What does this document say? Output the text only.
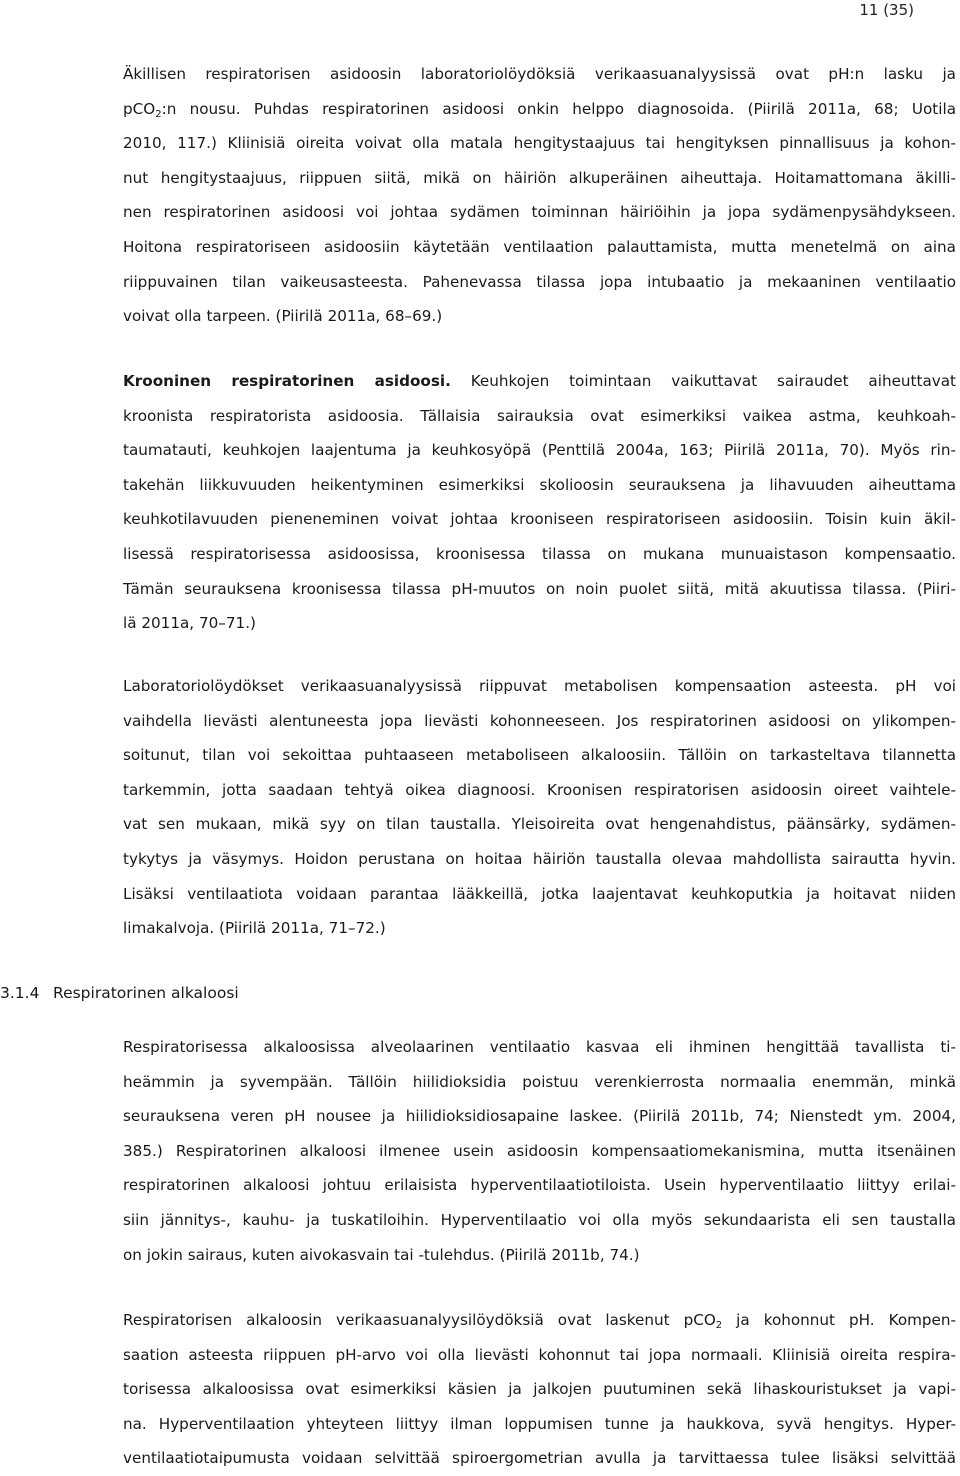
11 (35)
Äkillisen respiratorisen asidoosin laboratoriolöydöksiä verikaasuanalyysissä ovat pH:n lasku ja
pCO$_2$:n nousu. Puhdas respiratorinen asidoosi onkin helppo diagnosoida. (Piirilä 2011a, 68; Uotila
2010, 117.) Kliinisiä oireita voivat olla matala hengitystaajuus tai hengityksen pinnallisuus ja kohon-
nut hengitystaajuus, riippuen siitä, mikä on häiriön alkuperäinen aiheuttaja. Hoitamattomana äkilli-
nen respiratorinen asidoosi voi johtaa sydämen toiminnan häiriöihin ja jopa sydämenpysähdykseen.
Hoitona respiratoriseen asidoosiin käytetään ventilaation palauttamista, mutta menetelmä on aina
riippuvainen tilan vaikeusasteesta. Pahenevassa tilassa jopa intubaatio ja mekaaninen ventilaatio
voivat olla tarpeen. (Piirilä 2011a, 68–69.)
Krooninen respiratorinen asidoosi. Keuhkojen toimintaan vaikuttavat sairaudet aiheuttavat
kroonista respiratorista asidoosia. Tällaisia sairauksia ovat esimerkiksi vaikea astma, keuhkoah-
taumatauti, keuhkojen laajentuma ja keuhkosyöpä (Penttilä 2004a, 163; Piirilä 2011a, 70). Myös rin-
takehän liikkuvuuden heikentyminen esimerkiksi skolioosin seurauksena ja lihavuuden aiheuttama
keuhkotilavuuden pieneneminen voivat johtaa krooniseen respiratoriseen asidoosiin. Toisin kuin äkil-
lisessä respiratorisessa asidoosissa, kroonisessa tilassa on mukana munuaistason kompensaatio.
Tämän seurauksena kroonisessa tilassa pH-muutos on noin puolet siitä, mitä akuutissa tilassa. (Piiri-
lä 2011a, 70–71.)
Laboratoriolöydökset verikaasuanalyysissä riippuvat metabolisen kompensaation asteesta. pH voi
vaihdella lievästi alentuneesta jopa lievästi kohonneeseen. Jos respiratorinen asidoosi on ylikompen-
soitunut, tilan voi sekoittaa puhtaaseen metaboliseen alkaloosiin. Tällöin on tarkasteltava tilannetta
tarkemmin, jotta saadaan tehtyä oikea diagnoosi. Kroonisen respiratorisen asidoosin oireet vaihtele-
vat sen mukaan, mikä syy on tilan taustalla. Yleisoireita ovat hengenahdistus, päänsärky, sydämen-
tykytys ja väsymys. Hoidon perustana on hoitaa häiriön taustalla olevaa mahdollista sairautta hyvin.
Lisäksi ventilaatiota voidaan parantaa lääkkeillä, jotka laajentavat keuhkoputkia ja hoitavat niiden
limakalvoja. (Piirilä 2011a, 71–72.)
3.1.4 Respiratorinen alkaloosi
Respiratorisessa alkaloosissa alveolaarinen ventilaatio kasvaa eli ihminen hengittää tavallista ti-
heämmin ja syvempään. Tällöin hiilidioksidia poistuu verenkierrosta normaalia enemmän, minkä
seurauksena veren pH nousee ja hiilidioksidiosapaine laskee. (Piirilä 2011b, 74; Nienstedt ym. 2004,
385.) Respiratorinen alkaloosi ilmenee usein asidoosin kompensaatiomekanismina, mutta itsenäinen
respiratorinen alkaloosi johtuu erilaisista hyperventilaatiotiloista. Usein hyperventilaatio liittyy erilai-
siin jännitys-, kauhu- ja tuskatiloihin. Hyperventilaatio voi olla myös sekundaarista eli sen taustalla
on jokin sairaus, kuten aivokasvain tai -tulehdus. (Piirilä 2011b, 74.)
Respiratorisen alkaloosin verikaasuanalyysilöydöksiä ovat laskenut pCO$_2$ ja kohonnut pH. Kompen-
saation asteesta riippuen pH-arvo voi olla lievästi kohonnut tai jopa normaali. Kliinisiä oireita respira-
torisessa alkaloosissa ovat esimerkiksi käsien ja jalkojen puutuminen sekä lihaskouristukset ja vapi-
na. Hyperventilaation yhteyteen liittyy ilman loppumisen tunne ja haukkova, syvä hengitys. Hyper-
ventilaatiotaipumusta voidaan selvittää spiroergometrian avulla ja tarvittaessa tulee lisäksi selvittää
